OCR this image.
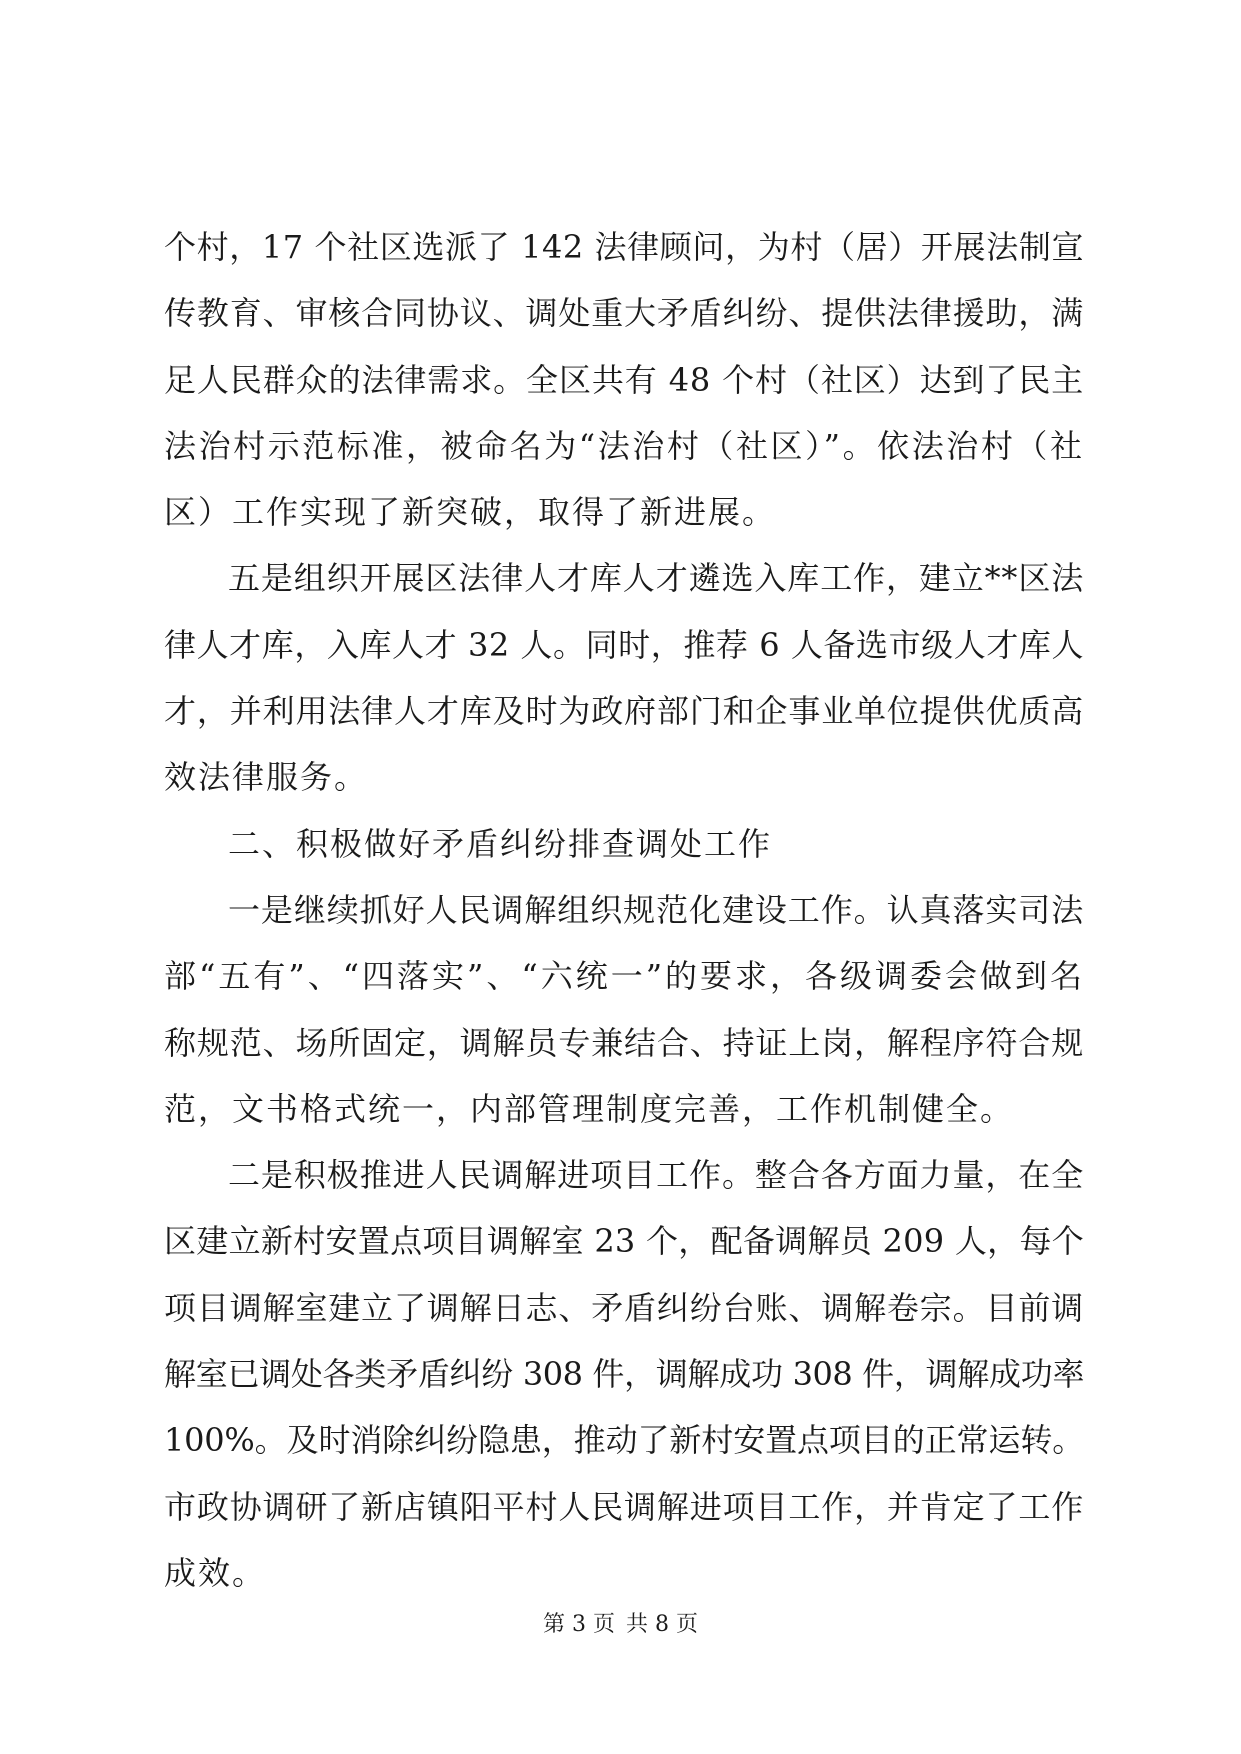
个村，17 个社区选派了 142 法律顾问，为村（居）开展法制宣
传教育、审核合同协议、调处重大矛盾纠纷、提供法律援助，满
足人民群众的法律需求。全区共有 48 个村（社区）达到了民主
法治村示范标准，被命名为“法治村（社区）”。依法治村（社
区）工作实现了新突破，取得了新进展。
五是组织开展区法律人才库人才遴选入库工作，建立**区法
律人才库，入库人才 32 人。同时，推荐 6 人备选市级人才库人
才，并利用法律人才库及时为政府部门和企事业单位提供优质高
效法律服务。
二、积极做好矛盾纠纷排查调处工作
一是继续抓好人民调解组织规范化建设工作。认真落实司法
部“五有”、“四落实”、“六统一”的要求，各级调委会做到名
称规范、场所固定，调解员专兼结合、持证上岗，解程序符合规
范，文书格式统一，内部管理制度完善，工作机制健全。
二是积极推进人民调解进项目工作。整合各方面力量，在全
区建立新村安置点项目调解室 23 个，配备调解员 209 人，每个
项目调解室建立了调解日志、矛盾纠纷台账、调解卷宗。目前调
解室已调处各类矛盾纠纷 308 件，调解成功 308 件，调解成功率
100%。及时消除纠纷隐患，推动了新村安置点项目的正常运转。
市政协调研了新店镇阳平村人民调解进项目工作，并肯定了工作
成效。
第 3 页 共 8 页
